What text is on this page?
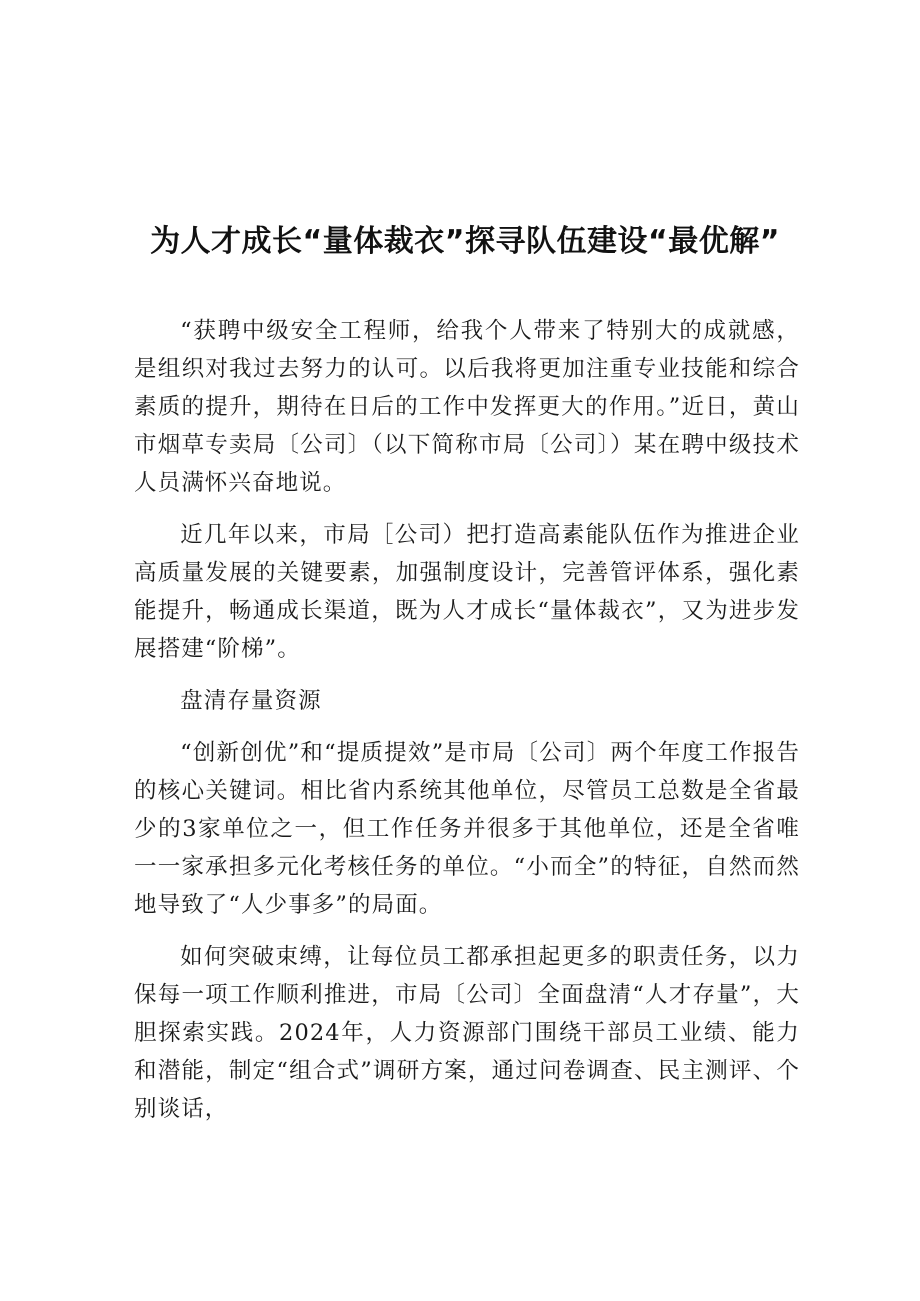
为人才成长“量体裁衣”探寻队伍建设“最优解”

“获聘中级安全工程师，给我个人带来了特别大的成就感，是组织对我过去努力的认可。以后我将更加注重专业技能和综合素质的提升，期待在日后的工作中发挥更大的作用。”近日，黄山市烟草专卖局〔公司〕（以下简称市局〔公司〕）某在聘中级技术人员满怀兴奋地说。

近几年以来，市局［公司）把打造高素能队伍作为推进企业高质量发展的关键要素，加强制度设计，完善管评体系，强化素能提升，畅通成长渠道，既为人才成长“量体裁衣”，又为进步发展搭建“阶梯”。

盘清存量资源

“创新创优”和“提质提效”是市局〔公司〕两个年度工作报告的核心关键词。相比省内系统其他单位，尽管员工总数是全省最少的3家单位之一，但工作任务并很多于其他单位，还是全省唯一一家承担多元化考核任务的单位。“小而全”的特征，自然而然地导致了“人少事多”的局面。

如何突破束缚，让每位员工都承担起更多的职责任务，以力保每一项工作顺利推进，市局〔公司〕全面盘清“人才存量”，大胆探索实践。2024年，人力资源部门围绕干部员工业绩、能力和潜能，制定“组合式”调研方案，通过问卷调查、民主测评、个别谈话，
